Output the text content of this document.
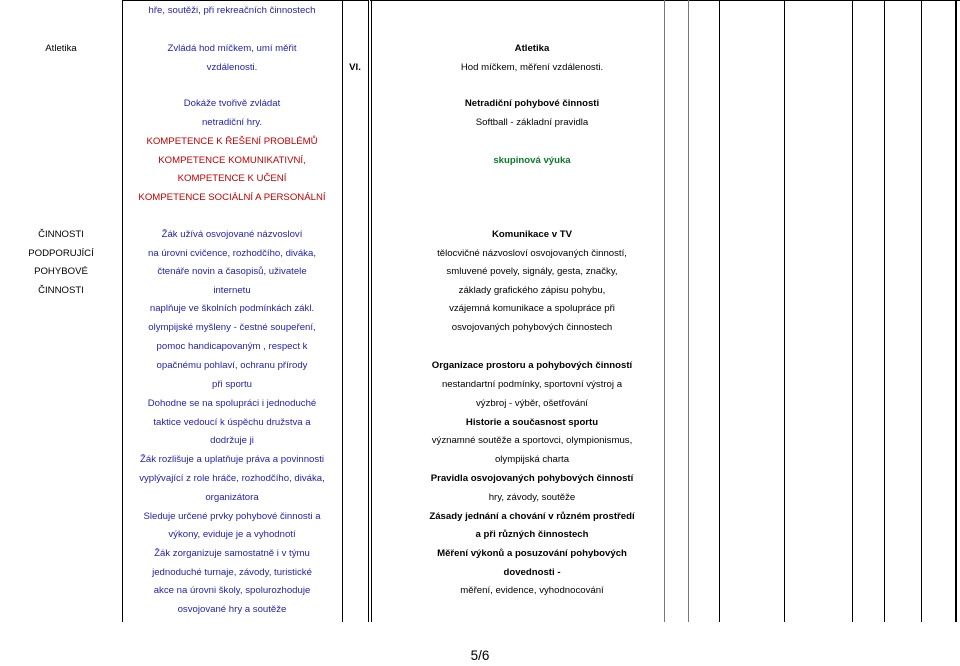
hře, soutěži, při rekreačních činnostech
Atletika	Zvládá hod míčkem, umí měřit	Atletika
vzdálenosti.	VI.	Hod míčkem, měření vzdálenosti.
Dokáže tvořivě zvládat	Netradiční pohybové činnosti
netradiční hry.	Softball - základní pravidla
KOMPETENCE K ŘEŠENÍ PROBLÉMŮ
KOMPETENCE KOMUNIKATIVNÍ,	skupinová výuka
KOMPETENCE K UČENÍ
KOMPETENCE SOCIÁLNÍ A PERSONÁLNÍ
ČINNOSTI	Žák užívá osvojované názvosloví	Komunikace v TV
PODPORUJÍCÍ	na úrovni cvičence, rozhodčího, diváka,	tělocvičné názvosloví osvojovaných činností,
POHYBOVÉ	čtenáře novin a časopisů, uživatele	smluvené povely, signály, gesta, značky,
ČINNOSTI	internetu	základy grafického zápisu pohybu,
naplňuje ve školních podmínkách zákl.	vzájemná komunikace a spolupráce při
olympijské myšleny - čestné soupeření,	osvojovaných pohybových činnostech
pomoc handicapovaným , respect k
opačnému pohlaví, ochranu přírody	Organizace prostoru a pohybových činností
při sportu	nestandartní podmínky, sportovní výstroj a
Dohodne se na spolupráci i jednoduché	výzbroj - výběr, ošetřování
taktice vedoucí k úspěchu družstva a	Historie a současnost sportu
dodržuje ji	významné soutěže a sportovci, olympionismus,
Žák rozlišuje a uplatňuje práva a povinnosti	olympijská charta
vyplývající z role hráče, rozhodčího, diváka,	Pravidla osvojovaných pohybových činností
organizátora	hry, závody, soutěže
Sleduje určené prvky pohybové činnosti a	Zásady jednání a chování v různém prostředí
výkony, eviduje je a vyhodnotí	a při různých činnostech
Žák zorganizuje samostatně i v týmu	Měření výkonů a posuzování pohybových
jednoduché turnaje, závody, turistické	dovednosti -
akce na úrovni školy, spolurozhoduje	měření, evidence, vyhodnocování
osvojované hry a soutěže
5/6
